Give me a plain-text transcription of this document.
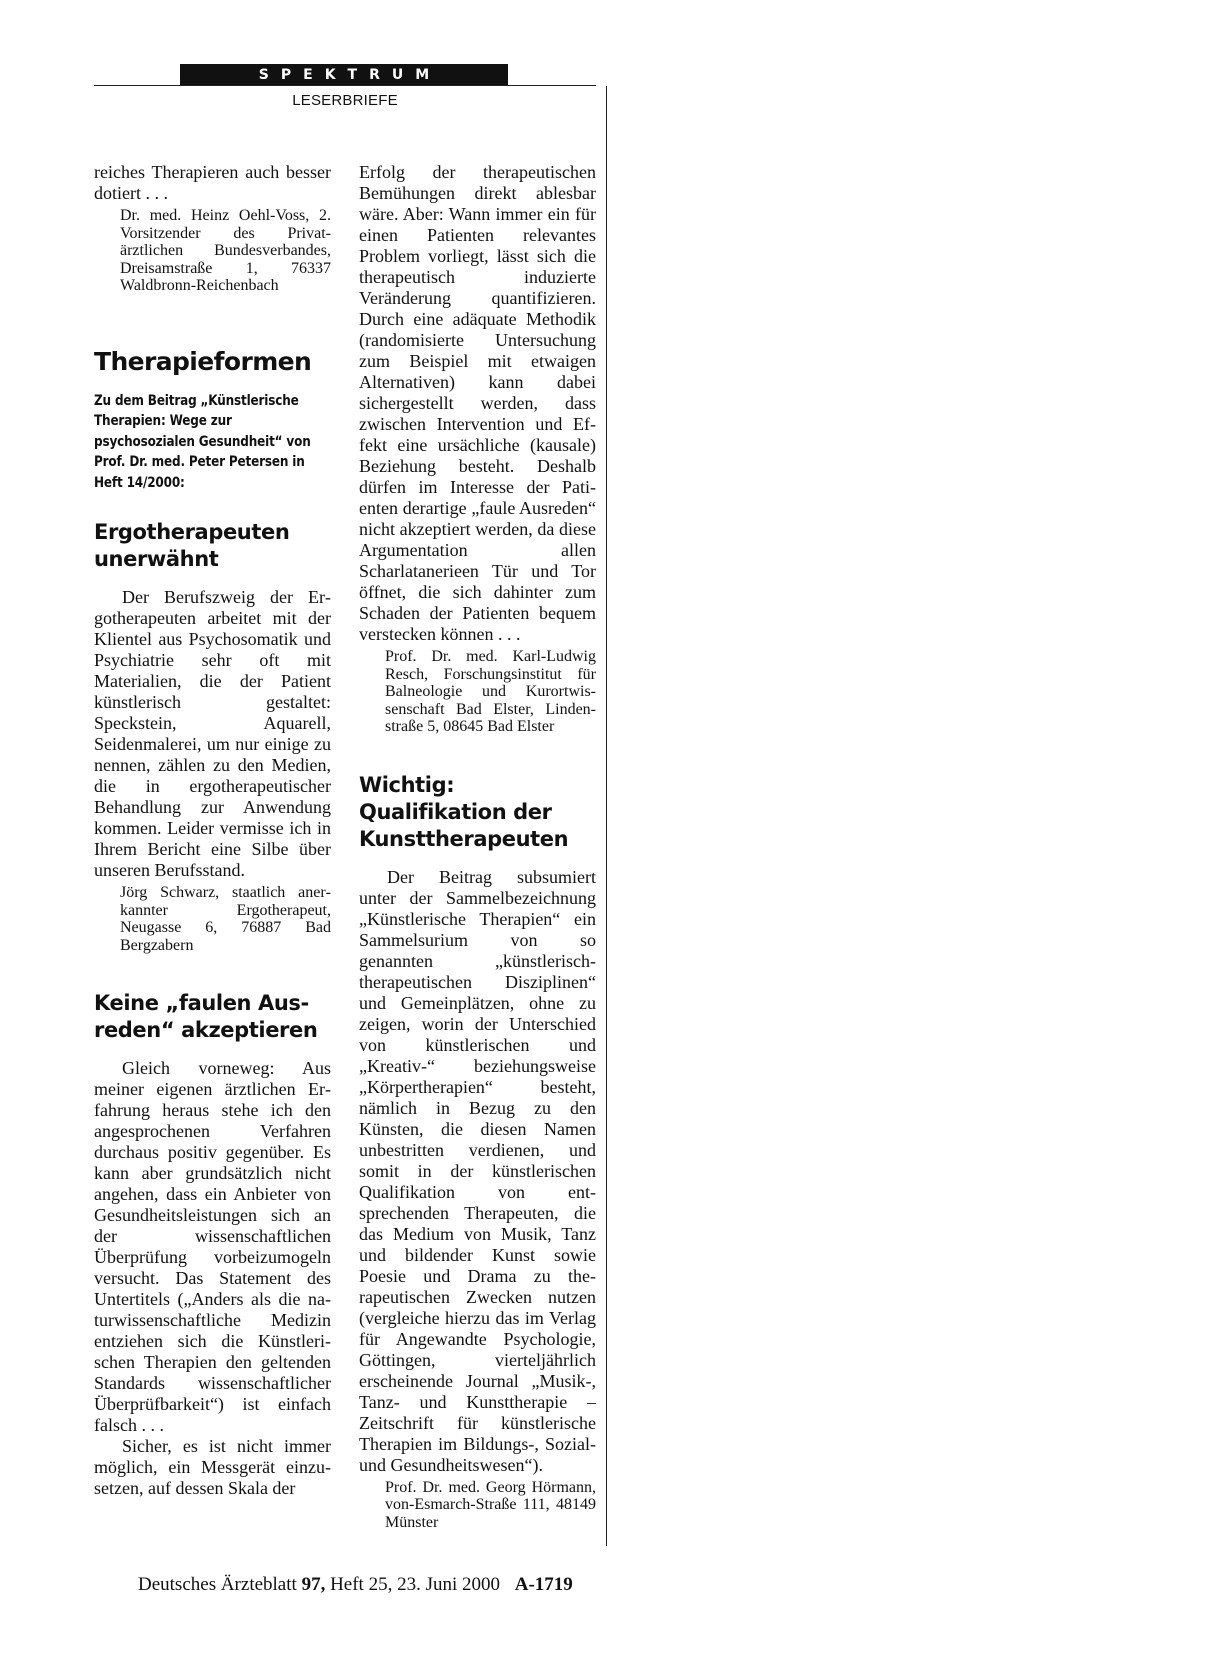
SPEKTRUM
LESERBRIEFE

reiches Therapieren auch besser dotiert . . .

Dr. med. Heinz Oehl-Voss, 2. Vorsitzender des Privatärztlichen Bundesverbandes, Dreisamstraße 1, 76337 Waldbronn-Reichenbach

Therapieformen

Zu dem Beitrag „Künstlerische Therapien: Wege zur psychosozialen Gesundheit“ von Prof. Dr. med. Peter Petersen in Heft 14/2000:

Ergotherapeuten unerwähnt

Der Berufszweig der Ergotherapeuten arbeitet mit der Klientel aus Psychosomatik und Psychiatrie sehr oft mit Materialien, die der Patient künstlerisch gestaltet: Speckstein, Aquarell, Seidenmalerei, um nur einige zu nennen, zählen zu den Medien, die in ergotherapeutischer Behandlung zur Anwendung kommen. Leider vermisse ich in Ihrem Bericht eine Silbe über unseren Berufsstand.

Jörg Schwarz, staatlich anerkannter Ergotherapeut, Neugasse 6, 76887 Bad Bergzabern

Keine „faulen Ausreden“ akzeptieren

Gleich vorneweg: Aus meiner eigenen ärztlichen Erfahrung heraus stehe ich den angesprochenen Verfahren durchaus positiv gegenüber. Es kann aber grundsätzlich nicht angehen, dass ein Anbieter von Gesundheitsleistungen sich an der wissenschaftlichen Überprüfung vorbeizumogeln versucht. Das Statement des Untertitels („Anders als die naturwissenschaftliche Medizin entziehen sich die Künstlerischen Therapien den geltenden Standards wissenschaftlicher Überprüfbarkeit“) ist einfach falsch . . .

Sicher, es ist nicht immer möglich, ein Messgerät einzusetzen, auf dessen Skala der

Erfolg der therapeutischen Bemühungen direkt ablesbar wäre. Aber: Wann immer ein für einen Patienten relevantes Problem vorliegt, lässt sich die therapeutisch induzierte Veränderung quantifizieren. Durch eine adäquate Methodik (randomisierte Untersuchung zum Beispiel mit etwaigen Alternativen) kann dabei sichergestellt werden, dass zwischen Intervention und Effekt eine ursächliche (kausale) Beziehung besteht. Deshalb dürfen im Interesse der Patienten derartige „faule Ausreden“ nicht akzeptiert werden, da diese Argumentation allen Scharlatanerieen Tür und Tor öffnet, die sich dahinter zum Schaden der Patienten bequem verstecken können . . .

Prof. Dr. med. Karl-Ludwig Resch, Forschungsinstitut für Balneologie und Kurortwissenschaft Bad Elster, Lindenstraße 5, 08645 Bad Elster

Wichtig: Qualifikation der Kunsttherapeuten

Der Beitrag subsumiert unter der Sammelbezeichnung „Künstlerische Therapien“ ein Sammelsurium von so genannten „künstlerisch-therapeutischen Disziplinen“ und Gemeinplätzen, ohne zu zeigen, worin der Unterschied von künstlerischen und „Kreativ-“ beziehungsweise „Körpertherapien“ besteht, nämlich in Bezug zu den Künsten, die diesen Namen unbestritten verdienen, und somit in der künstlerischen Qualifikation von entsprechenden Therapeuten, die das Medium von Musik, Tanz und bildender Kunst sowie Poesie und Drama zu therapeutischen Zwecken nutzen (vergleiche hierzu das im Verlag für Angewandte Psychologie, Göttingen, vierteljährlich erscheinende Journal „Musik-, Tanz- und Kunsttherapie – Zeitschrift für künstlerische Therapien im Bildungs-, Sozial- und Gesundheitswesen“).

Prof. Dr. med. Georg Hörmann, von-Esmarch-Straße 111, 48149 Münster

Deutsches Ärzteblatt 97, Heft 25, 23. Juni 2000 A-1719
